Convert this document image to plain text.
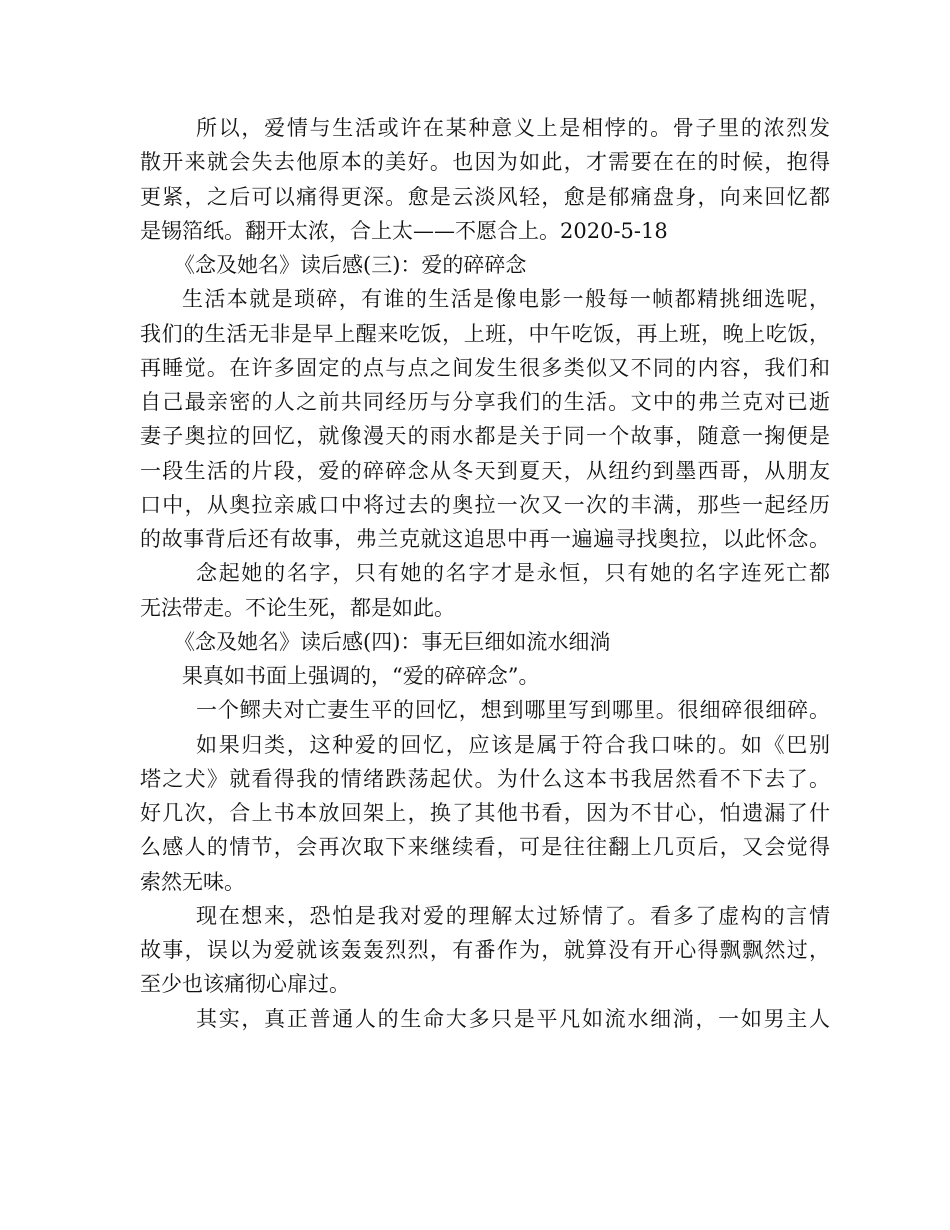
所以，爱情与生活或许在某种意义上是相悖的。骨子里的浓烈发
散开来就会失去他原本的美好。也因为如此，才需要在在的时候，抱得
更紧，之后可以痛得更深。愈是云淡风轻，愈是郁痛盘身，向来回忆都
是锡箔纸。翻开太浓，合上太——不愿合上。2020-5-18
《念及她名》读后感(三)：爱的碎碎念
生活本就是琐碎，有谁的生活是像电影一般每一帧都精挑细选呢，
我们的生活无非是早上醒来吃饭，上班，中午吃饭，再上班，晚上吃饭，
再睡觉。在许多固定的点与点之间发生很多类似又不同的内容，我们和
自己最亲密的人之前共同经历与分享我们的生活。文中的弗兰克对已逝
妻子奥拉的回忆，就像漫天的雨水都是关于同一个故事，随意一掬便是
一段生活的片段，爱的碎碎念从冬天到夏天，从纽约到墨西哥，从朋友
口中，从奥拉亲戚口中将过去的奥拉一次又一次的丰满，那些一起经历
的故事背后还有故事，弗兰克就这追思中再一遍遍寻找奥拉，以此怀念。
念起她的名字，只有她的名字才是永恒，只有她的名字连死亡都
无法带走。不论生死，都是如此。
《念及她名》读后感(四)：事无巨细如流水细淌
果真如书面上强调的，“爱的碎碎念”。
一个鳏夫对亡妻生平的回忆，想到哪里写到哪里。很细碎很细碎。
如果归类，这种爱的回忆，应该是属于符合我口味的。如《巴别
塔之犬》就看得我的情绪跌荡起伏。为什么这本书我居然看不下去了。
好几次，合上书本放回架上，换了其他书看，因为不甘心，怕遗漏了什
么感人的情节，会再次取下来继续看，可是往往翻上几页后，又会觉得
索然无味。
现在想来，恐怕是我对爱的理解太过矫情了。看多了虚构的言情
故事，误以为爱就该轰轰烈烈，有番作为，就算没有开心得飘飘然过，
至少也该痛彻心扉过。
其实，真正普通人的生命大多只是平凡如流水细淌，一如男主人
